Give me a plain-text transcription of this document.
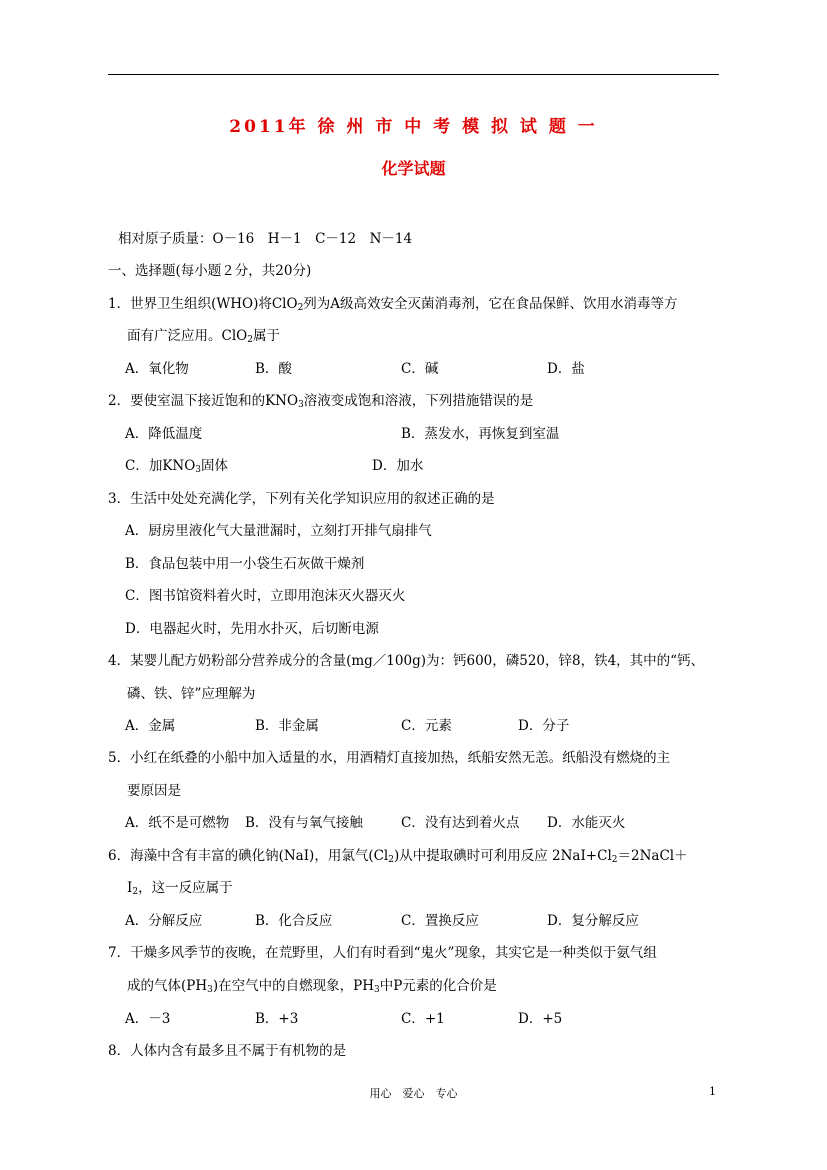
2011年 徐 州 市 中 考 模 拟 试 题 一
化学试题
相对原子质量：O－16　H－1　C－12　N－14
一、选择题(每小题２分，共20分)
1．世界卫生组织(WHO)将ClO$_2$列为A级高效安全灭菌消毒剂，它在食品保鲜、饮用水消毒等方
面有广泛应用。ClO$_2$属于
A．氧化物	B．酸	C．碱	D．盐
2．要使室温下接近饱和的$KNO_3$溶液变成饱和溶液，下列措施错误的是
A．降低温度	B．蒸发水，再恢复到室温
C．加$KNO_3$固体	D．加水
3．生活中处处充满化学，下列有关化学知识应用的叙述正确的是
A．厨房里液化气大量泄漏时，立刻打开排气扇排气
B．食品包装中用一小袋生石灰做干燥剂
C．图书馆资料着火时，立即用泡沫灭火器灭火
D．电器起火时，先用水扑灭，后切断电源
4．某婴儿配方奶粉部分营养成分的含量(mg／100g)为：钙600，磷520，锌8，铁4，其中的“钙、
磷、铁、锌”应理解为
A．金属	B．非金属	C．元素	D．分子
5．小红在纸叠的小船中加入适量的水，用酒精灯直接加热，纸船安然无恙。纸船没有燃烧的主
要原因是
A．纸不是可燃物 B．没有与氧气接触	C．没有达到着火点 D．水能灭火
6．海藻中含有丰富的碘化钠(NaI)，用氯气$(Cl_2)$从中提取碘时可利用反应 $2NaI+Cl_2=2NaCl+$
$I_2$，这一反应属于
A．分解反应	B．化合反应	C．置换反应	D．复分解反应
7．干燥多风季节的夜晚，在荒野里，人们有时看到“鬼火”现象，其实它是一种类似于氨气组
成的气体$(PH_3)$在空气中的自燃现象，$PH_3$中P元素的化合价是
A．－3	B．+3	C．+1	D．+5
8．人体内含有最多且不属于有机物的是
用心　爱心　专心	1
